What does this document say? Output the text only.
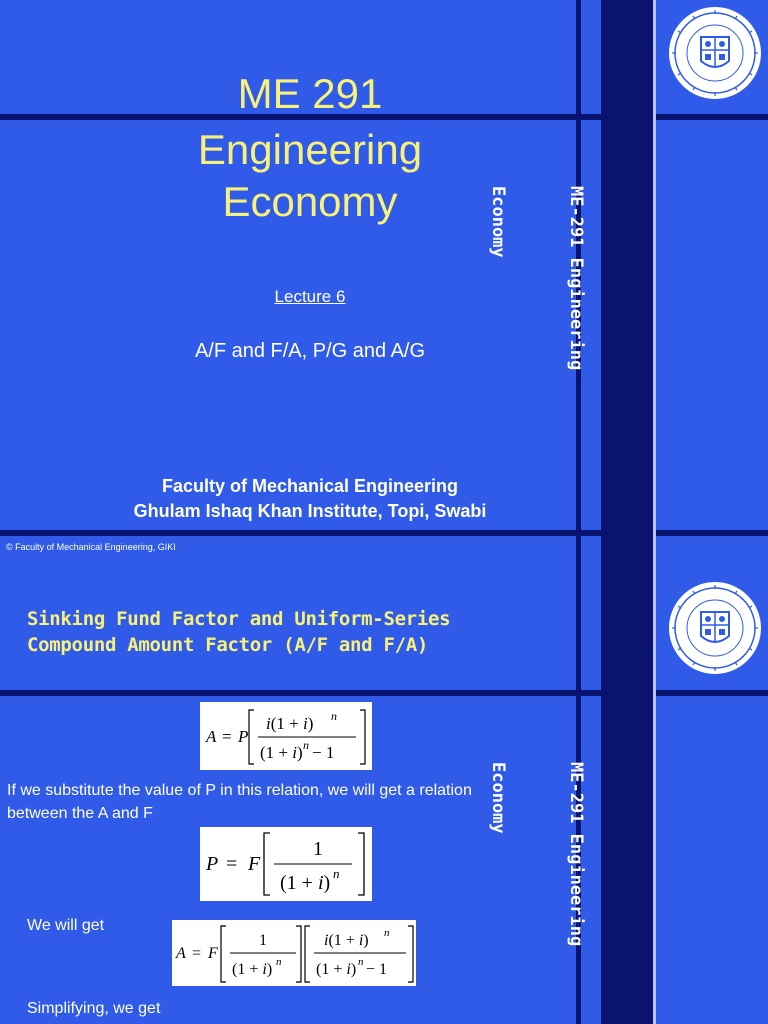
ME 291
Engineering
Economy
Lecture 6
A/F and F/A, P/G and A/G
Faculty of Mechanical Engineering
Ghulam Ishaq Khan Institute, Topi, Swabi

ME-291 Engineering

Economy

© Faculty of Mechanical Engineering, GIKI
Sinking Fund Factor and Uniform-Series
Compound Amount Factor (A/F and F/A)
A = P
i(1 + i) n
(1 + i) n − 1
If we substitute the value of P in this relation, we will get a relation between the A and F
P = F
1
(1 + i) n
We will get
A = F
1
(1 + i) n
i(1 + i) n
(1 + i) n − 1
Simplifying, we get

ME-291 Engineering

Economy
